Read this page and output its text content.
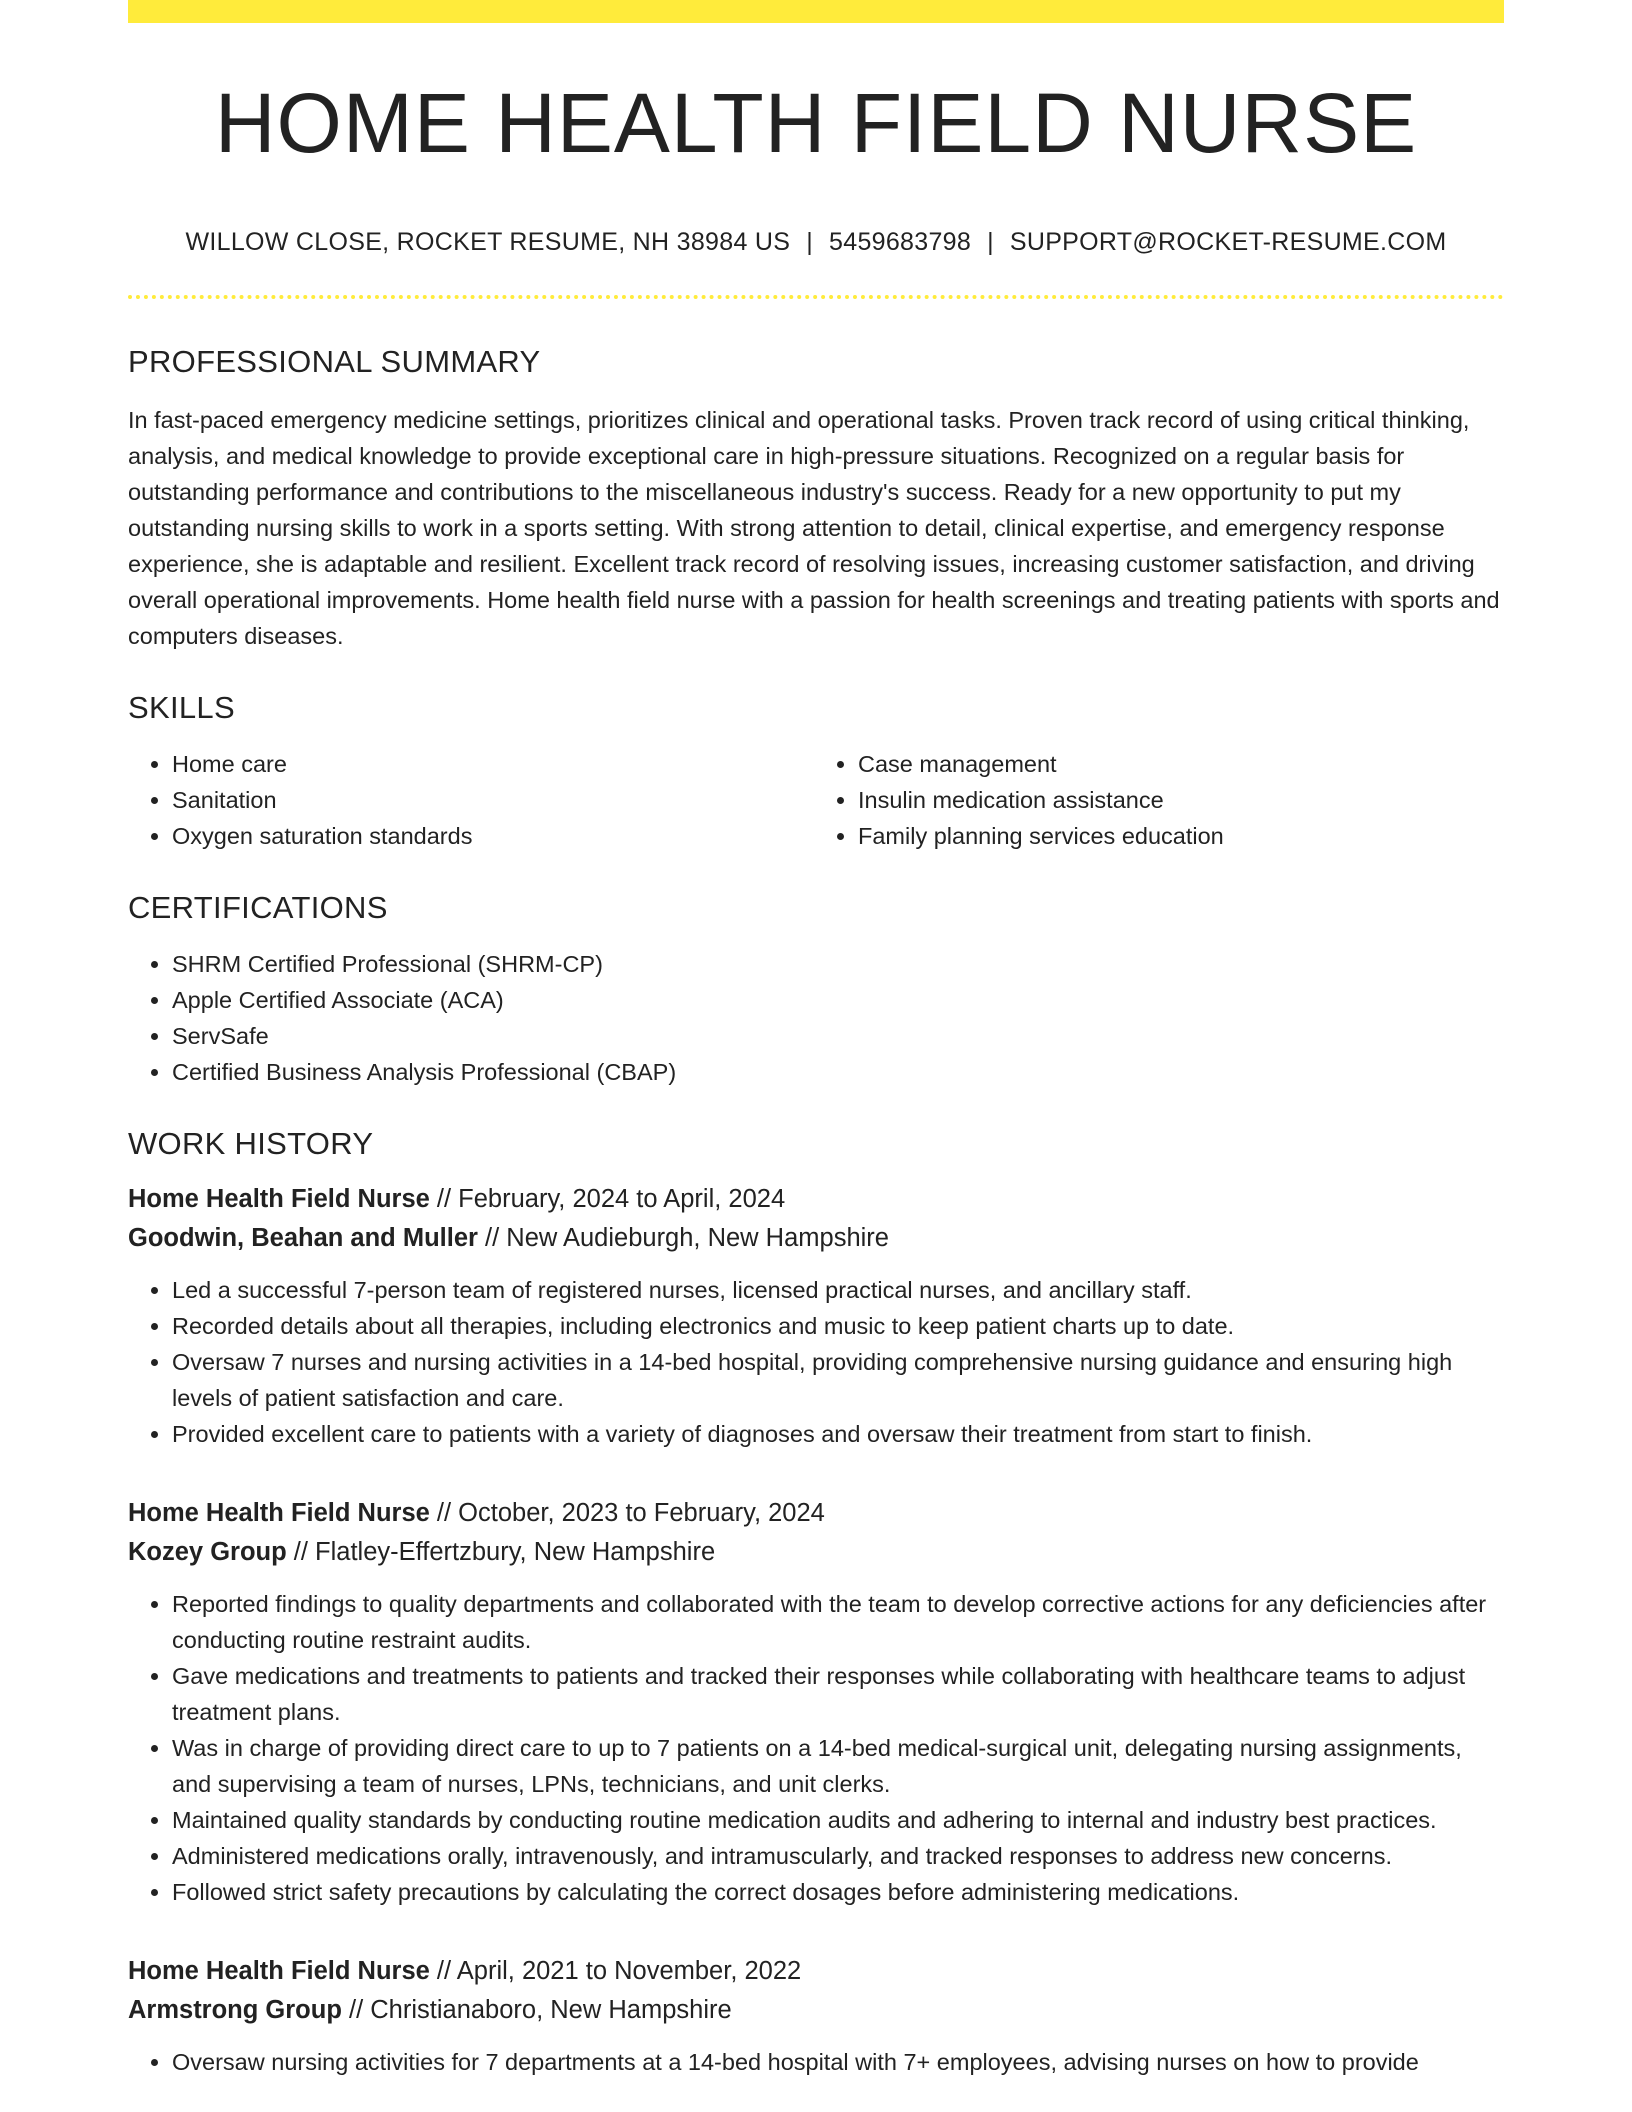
HOME HEALTH FIELD NURSE
WILLOW CLOSE, ROCKET RESUME, NH 38984 US | 5459683798 | SUPPORT@ROCKET-RESUME.COM
PROFESSIONAL SUMMARY
In fast-paced emergency medicine settings, prioritizes clinical and operational tasks. Proven track record of using critical thinking, analysis, and medical knowledge to provide exceptional care in high-pressure situations. Recognized on a regular basis for outstanding performance and contributions to the miscellaneous industry's success. Ready for a new opportunity to put my outstanding nursing skills to work in a sports setting. With strong attention to detail, clinical expertise, and emergency response experience, she is adaptable and resilient. Excellent track record of resolving issues, increasing customer satisfaction, and driving overall operational improvements. Home health field nurse with a passion for health screenings and treating patients with sports and computers diseases.
SKILLS
• Home care
• Sanitation
• Oxygen saturation standards
• Case management
• Insulin medication assistance
• Family planning services education
CERTIFICATIONS
• SHRM Certified Professional (SHRM-CP)
• Apple Certified Associate (ACA)
• ServSafe
• Certified Business Analysis Professional (CBAP)
WORK HISTORY
Home Health Field Nurse // February, 2024 to April, 2024
Goodwin, Beahan and Muller // New Audieburgh, New Hampshire
• Led a successful 7-person team of registered nurses, licensed practical nurses, and ancillary staff.
• Recorded details about all therapies, including electronics and music to keep patient charts up to date.
• Oversaw 7 nurses and nursing activities in a 14-bed hospital, providing comprehensive nursing guidance and ensuring high levels of patient satisfaction and care.
• Provided excellent care to patients with a variety of diagnoses and oversaw their treatment from start to finish.
Home Health Field Nurse // October, 2023 to February, 2024
Kozey Group // Flatley-Effertzbury, New Hampshire
• Reported findings to quality departments and collaborated with the team to develop corrective actions for any deficiencies after conducting routine restraint audits.
• Gave medications and treatments to patients and tracked their responses while collaborating with healthcare teams to adjust treatment plans.
• Was in charge of providing direct care to up to 7 patients on a 14-bed medical-surgical unit, delegating nursing assignments, and supervising a team of nurses, LPNs, technicians, and unit clerks.
• Maintained quality standards by conducting routine medication audits and adhering to internal and industry best practices.
• Administered medications orally, intravenously, and intramuscularly, and tracked responses to address new concerns.
• Followed strict safety precautions by calculating the correct dosages before administering medications.
Home Health Field Nurse // April, 2021 to November, 2022
Armstrong Group // Christianaboro, New Hampshire
• Oversaw nursing activities for 7 departments at a 14-bed hospital with 7+ employees, advising nurses on how to provide
